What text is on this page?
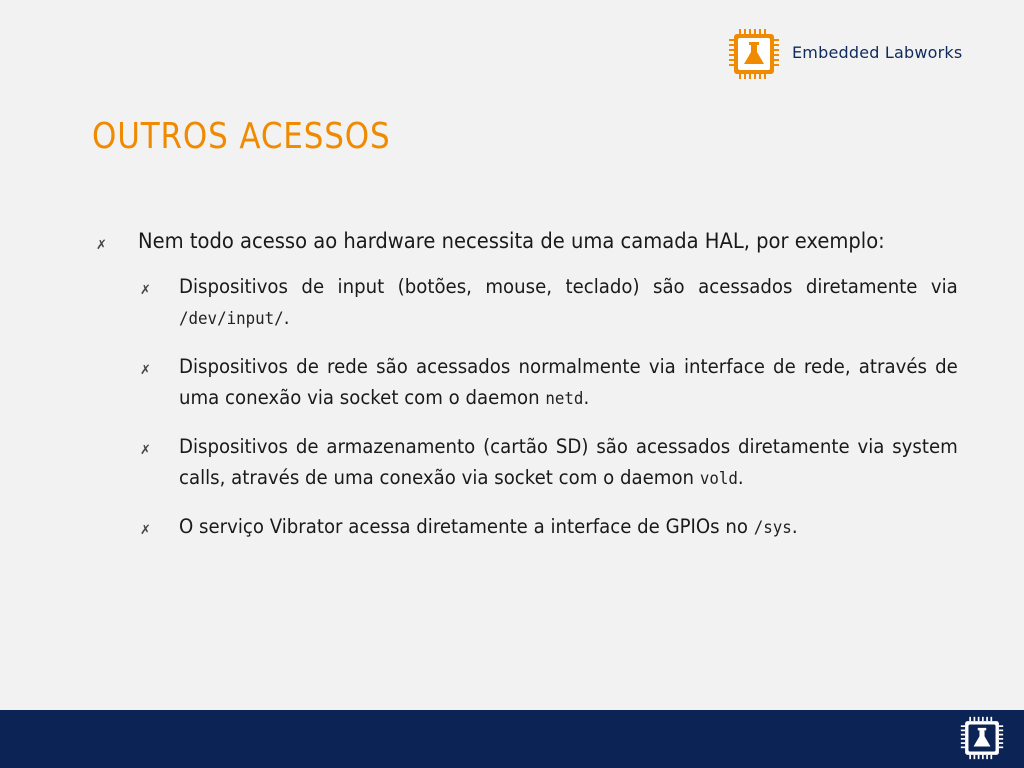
Embedded Labworks
OUTROS ACESSOS
✗ Nem todo acesso ao hardware necessita de uma camada HAL, por exemplo:
✗ Dispositivos de input (botões, mouse, teclado) são acessados diretamente via /dev/input/.
✗ Dispositivos de rede são acessados normalmente via interface de rede, através de uma conexão via socket com o daemon netd.
✗ Dispositivos de armazenamento (cartão SD) são acessados diretamente via system calls, através de uma conexão via socket com o daemon vold.
✗ O serviço Vibrator acessa diretamente a interface de GPIOs no /sys.
